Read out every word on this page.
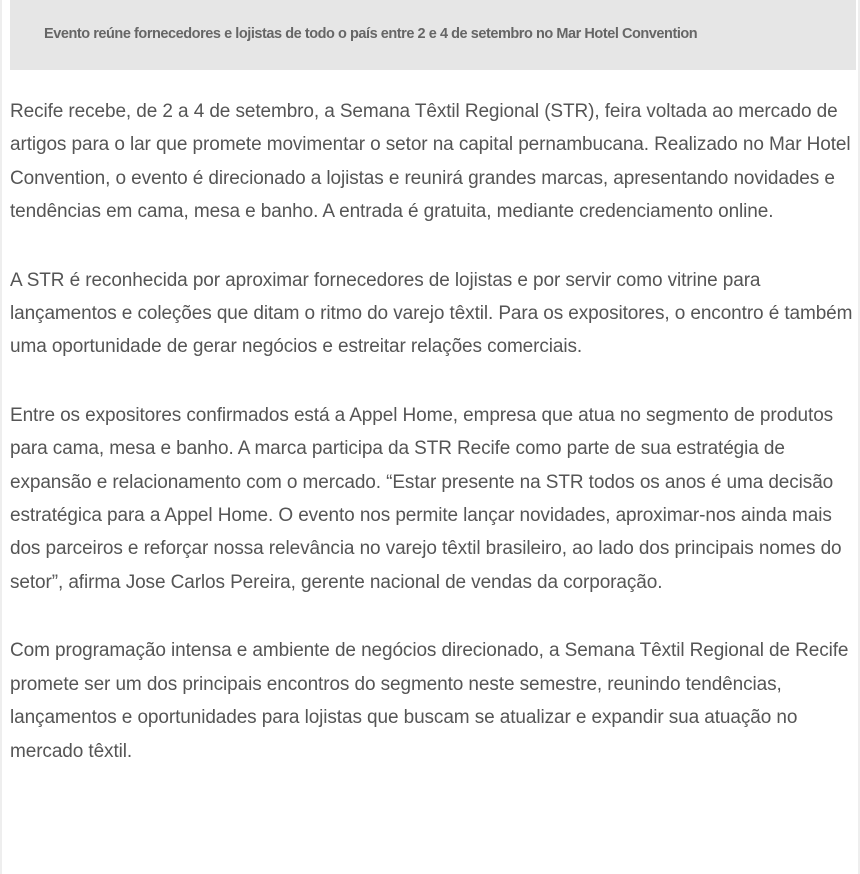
Evento reúne fornecedores e lojistas de todo o país entre 2 e 4 de setembro no Mar Hotel Convention

Recife recebe, de 2 a 4 de setembro, a Semana Têxtil Regional (STR), feira voltada ao mercado de artigos para o lar que promete movimentar o setor na capital pernambucana. Realizado no Mar Hotel Convention, o evento é direcionado a lojistas e reunirá grandes marcas, apresentando novidades e tendências em cama, mesa e banho. A entrada é gratuita, mediante credenciamento online.

A STR é reconhecida por aproximar fornecedores de lojistas e por servir como vitrine para lançamentos e coleções que ditam o ritmo do varejo têxtil. Para os expositores, o encontro é também uma oportunidade de gerar negócios e estreitar relações comerciais.

Entre os expositores confirmados está a Appel Home, empresa que atua no segmento de produtos para cama, mesa e banho. A marca participa da STR Recife como parte de sua estratégia de expansão e relacionamento com o mercado. “Estar presente na STR todos os anos é uma decisão estratégica para a Appel Home. O evento nos permite lançar novidades, aproximar-nos ainda mais dos parceiros e reforçar nossa relevância no varejo têxtil brasileiro, ao lado dos principais nomes do setor”, afirma Jose Carlos Pereira, gerente nacional de vendas da corporação.

Com programação intensa e ambiente de negócios direcionado, a Semana Têxtil Regional de Recife promete ser um dos principais encontros do segmento neste semestre, reunindo tendências, lançamentos e oportunidades para lojistas que buscam se atualizar e expandir sua atuação no mercado têxtil.
